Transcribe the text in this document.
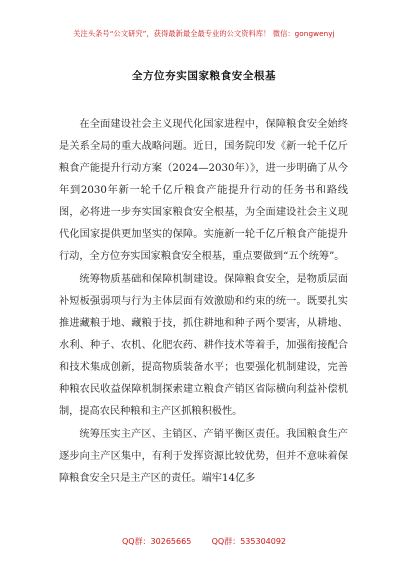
关注头条号“公文研究”，获得最新最全最专业的公文资料库！ 微信：gongwenyj
全方位夯实国家粮食安全根基

在全面建设社会主义现代化国家进程中，保障粮食安全始终是关系全局的重大战略问题。近日，国务院印发《新一轮千亿斤粮食产能提升行动方案（2024—2030年）》，进一步明确了从今年到2030年新一轮千亿斤粮食产能提升行动的任务书和路线图，必将进一步夯实国家粮食安全根基，为全面建设社会主义现代化国家提供更加坚实的保障。实施新一轮千亿斤粮食产能提升行动，全方位夯实国家粮食安全根基，重点要做到“五个统筹”。

统筹物质基础和保障机制建设。保障粮食安全，是物质层面补短板强弱项与行为主体层面有效激励和约束的统一。既要扎实推进藏粮于地、藏粮于技，抓住耕地和种子两个要害，从耕地、水利、种子、农机、化肥农药、耕作技术等着手，加强衔接配合和技术集成创新，提高物质装备水平；也要强化机制建设，完善种粮农民收益保障机制探索建立粮食产销区省际横向利益补偿机制，提高农民种粮和主产区抓粮积极性。

统筹压实主产区、主销区、产销平衡区责任。我国粮食生产逐步向主产区集中，有利于发挥资源比较优势，但并不意味着保障粮食安全只是主产区的责任。端牢14亿多

QQ群：30265665        QQ群：535304092
